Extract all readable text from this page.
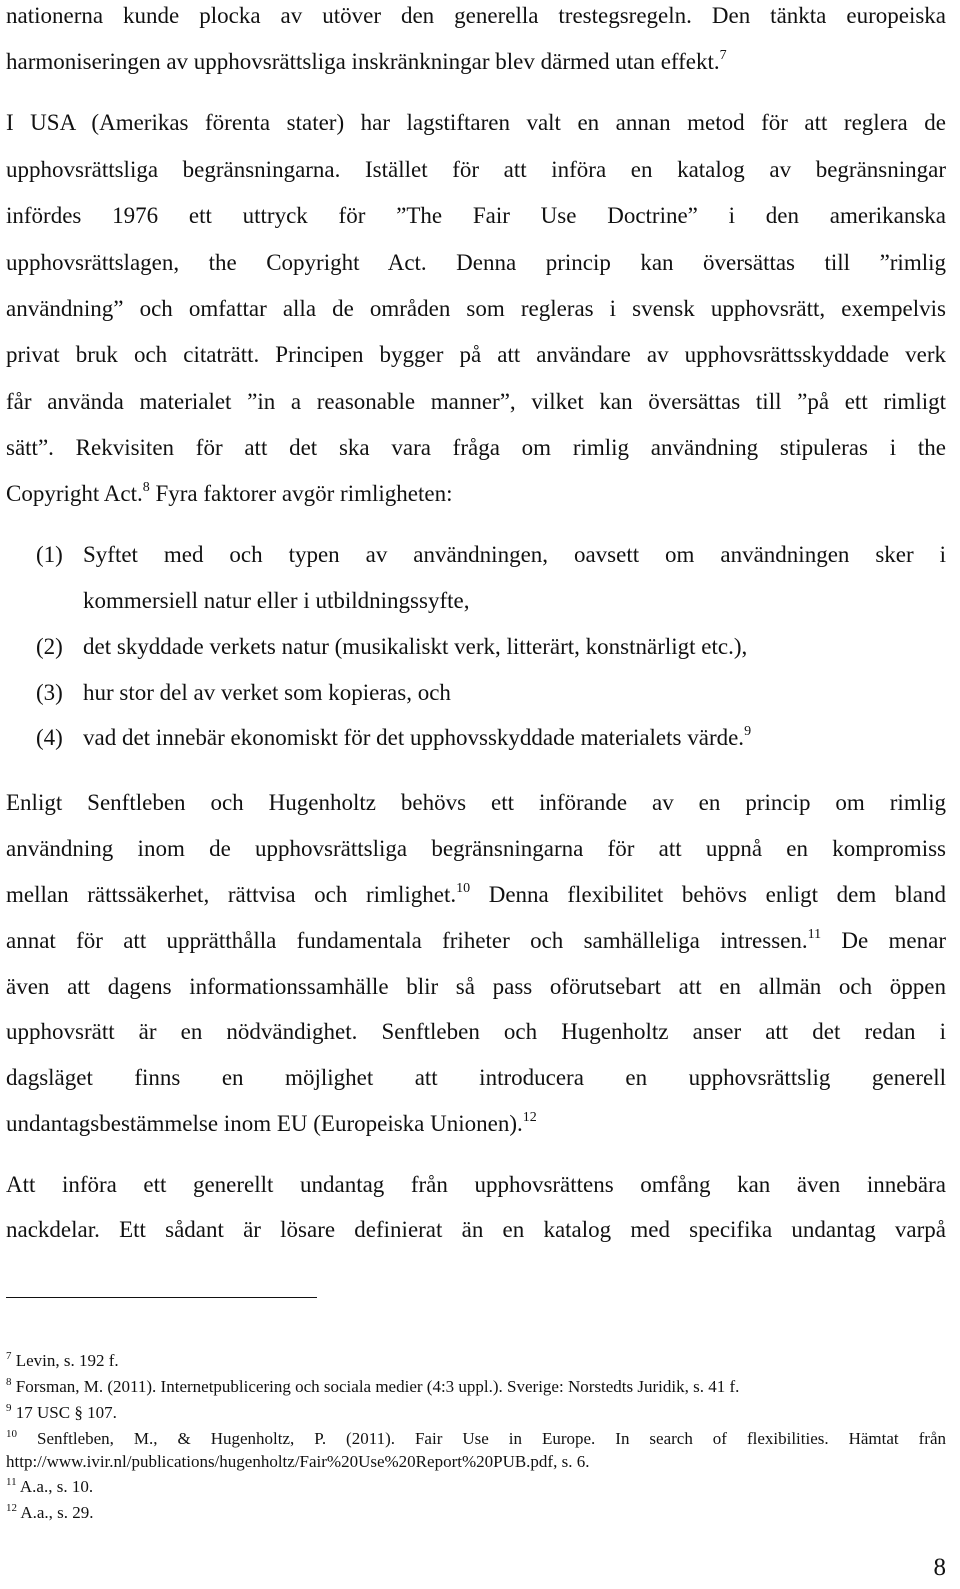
nationerna kunde plocka av utöver den generella trestegsregeln. Den tänkta europeiska
harmoniseringen av upphovsrättsliga inskränkningar blev därmed utan effekt.$^7$
I USA (Amerikas förenta stater) har lagstiftaren valt en annan metod för att reglera de
upphovsrättsliga begränsningarna. Istället för att införa en katalog av begränsningar
infördes 1976 ett uttryck för ”The Fair Use Doctrine” i den amerikanska
upphovsrättslagen, the Copyright Act. Denna princip kan översättas till ”rimlig
användning” och omfattar alla de områden som regleras i svensk upphovsrätt, exempelvis
privat bruk och citaträtt. Principen bygger på att användare av upphovsrättsskyddade verk
får använda materialet ”in a reasonable manner”, vilket kan översättas till ”på ett rimligt
sätt”. Rekvisiten för att det ska vara fråga om rimlig användning stipuleras i the
Copyright Act.$^8$ Fyra faktorer avgör rimligheten:
(1) Syftet med och typen av användningen, oavsett om användningen sker i
kommersiell natur eller i utbildningssyfte,
(2) det skyddade verkets natur (musikaliskt verk, litterärt, konstnärligt etc.),
(3) hur stor del av verket som kopieras, och
(4) vad det innebär ekonomiskt för det upphovsskyddade materialets värde.$^9$
Enligt Senftleben och Hugenholtz behövs ett införande av en princip om rimlig
användning inom de upphovsrättsliga begränsningarna för att uppnå en kompromiss
mellan rättssäkerhet, rättvisa och rimlighet.$^{10}$ Denna flexibilitet behövs enligt dem bland
annat för att upprätthålla fundamentala friheter och samhälleliga intressen.$^{11}$ De menar
även att dagens informationssamhälle blir så pass oförutsebart att en allmän och öppen
upphovsrätt är en nödvändighet. Senftleben och Hugenholtz anser att det redan i
dagsläget finns en möjlighet att introducera en upphovsrättslig generell
undantagsbestämmelse inom EU (Europeiska Unionen).$^{12}$
Att införa ett generellt undantag från upphovsrättens omfång kan även innebära
nackdelar. Ett sådant är lösare definierat än en katalog med specifika undantag varpå
$^7$ Levin, s. 192 f.
$^8$ Forsman, M. (2011). Internetpublicering och sociala medier (4:3 uppl.). Sverige: Norstedts Juridik, s. 41 f.
$^9$ 17 USC § 107.
$^{10}$ Senftleben, M., & Hugenholtz, P. (2011). Fair Use in Europe. In search of flexibilities. Hämtat från
http://www.ivir.nl/publications/hugenholtz/Fair%20Use%20Report%20PUB.pdf, s. 6.
$^{11}$ A.a., s. 10.
$^{12}$ A.a., s. 29.
8
